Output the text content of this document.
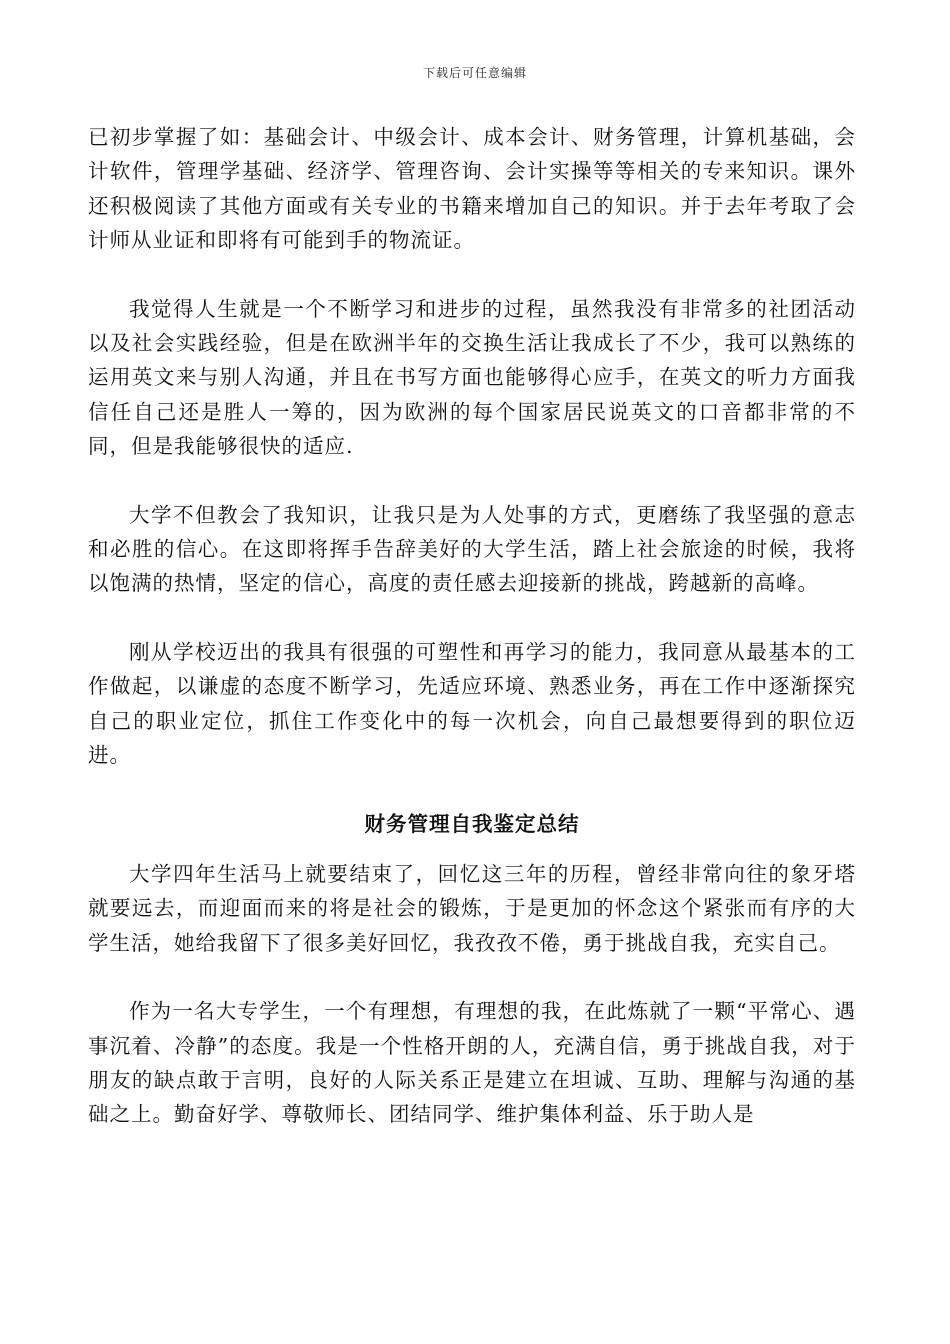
下载后可任意编辑

已初步掌握了如：基础会计、中级会计、成本会计、财务管理，计算机基础，会计软件，管理学基础、经济学、管理咨询、会计实操等等相关的专来知识。课外还积极阅读了其他方面或有关专业的书籍来增加自己的知识。并于去年考取了会计师从业证和即将有可能到手的物流证。

我觉得人生就是一个不断学习和进步的过程，虽然我没有非常多的社团活动以及社会实践经验，但是在欧洲半年的交换生活让我成长了不少，我可以熟练的运用英文来与别人沟通，并且在书写方面也能够得心应手，在英文的听力方面我信任自己还是胜人一筹的，因为欧洲的每个国家居民说英文的口音都非常的不同，但是我能够很快的适应.

大学不但教会了我知识，让我只是为人处事的方式，更磨练了我坚强的意志和必胜的信心。在这即将挥手告辞美好的大学生活，踏上社会旅途的时候，我将以饱满的热情，坚定的信心，高度的责任感去迎接新的挑战，跨越新的高峰。

刚从学校迈出的我具有很强的可塑性和再学习的能力，我同意从最基本的工作做起，以谦虚的态度不断学习，先适应环境、熟悉业务，再在工作中逐渐探究自己的职业定位，抓住工作变化中的每一次机会，向自己最想要得到的职位迈进。

财务管理自我鉴定总结

大学四年生活马上就要结束了，回忆这三年的历程，曾经非常向往的象牙塔就要远去，而迎面而来的将是社会的锻炼，于是更加的怀念这个紧张而有序的大学生活，她给我留下了很多美好回忆，我孜孜不倦，勇于挑战自我，充实自己。

作为一名大专学生，一个有理想，有理想的我，在此炼就了一颗“平常心、遇事沉着、冷静”的态度。我是一个性格开朗的人，充满自信，勇于挑战自我，对于朋友的缺点敢于言明，良好的人际关系正是建立在坦诚、互助、理解与沟通的基础之上。勤奋好学、尊敬师长、团结同学、维护集体利益、乐于助人是
